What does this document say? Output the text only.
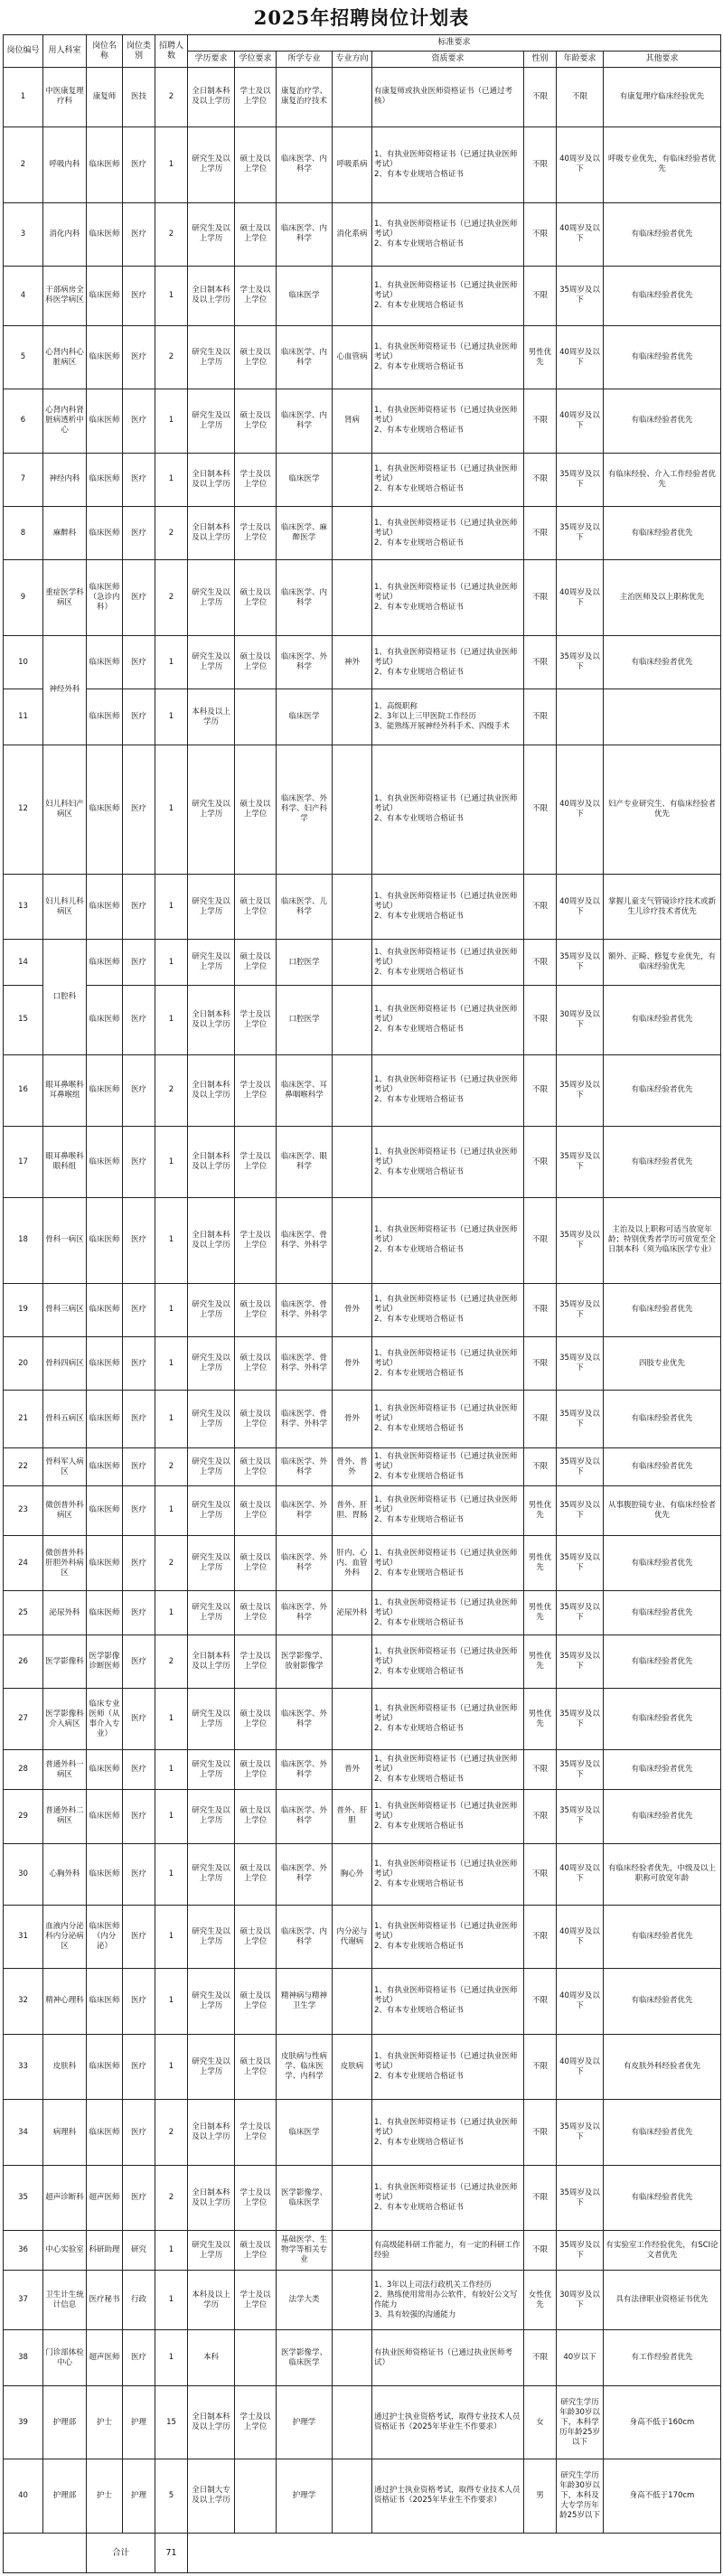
2025年招聘岗位计划表
岗位编号	用人科室	岗位名称	岗位类别	招聘人数	标准要求							
					学历要求	学位要求	所学专业	专业方向	资质要求	性别	年龄要求	其他要求
1	中医康复理疗科	康复师	医技	2	全日制本科及以上学历	学士及以上学位	康复治疗学、康复治疗技术		有康复师或执业医师资格证书（已通过考核）	不限	不限	有康复理疗临床经验优先
2	呼吸内科	临床医师	医疗	1	研究生及以上学历	硕士及以上学位	临床医学、内科学	呼吸系病	1、有执业医师资格证书（已通过执业医师考试）
2、有本专业规培合格证书	不限	40周岁及以下	呼吸专业优先，有临床经验者优先
3	消化内科	临床医师	医疗	2	研究生及以上学历	硕士及以上学位	临床医学、内科学	消化系病	1、有执业医师资格证书（已通过执业医师考试）
2、有本专业规培合格证书	不限	40周岁及以下	有临床经验者优先
4	干部病房全科医学病区	临床医师	医疗	1	全日制本科及以上学历	学士及以上学位	临床医学		1、有执业医师资格证书（已通过执业医师考试）
2、有本专业规培合格证书	不限	35周岁及以下	有临床经验者优先
5	心肾内科心脏病区	临床医师	医疗	2	研究生及以上学历	硕士及以上学位	临床医学、内科学	心血管病	1、有执业医师资格证书（已通过执业医师考试）
2、有本专业规培合格证书	男性优先	40周岁及以下	有临床经验者优先
6	心肾内科肾脏病透析中心	临床医师	医疗	1	研究生及以上学历	硕士及以上学位	临床医学、内科学	肾病	1、有执业医师资格证书（已通过执业医师考试）
2、有本专业规培合格证书	不限	40周岁及以下	有临床经验者优先
7	神经内科	临床医师	医疗	1	全日制本科及以上学历	学士及以上学位	临床医学		1、有执业医师资格证书（已通过执业医师考试）
2、有本专业规培合格证书	不限	35周岁及以下	有临床经验、介入工作经验者优先
8	麻醉科	临床医师	医疗	2	全日制本科及以上学历	学士及以上学位	临床医学、麻醉医学		1、有执业医师资格证书（已通过执业医师考试）
2、有本专业规培合格证书	不限	35周岁及以下	有临床经验者优先
9	重症医学科病区	临床医师（急诊内科）	医疗	2	研究生及以上学历	硕士及以上学位	临床医学、内科学		1、有执业医师资格证书（已通过执业医师考试）
2、有本专业规培合格证书	不限	40周岁及以下	主治医师及以上职称优先
10	神经外科	临床医师	医疗	1	研究生及以上学历	硕士及以上学位	临床医学、外科学	神外	1、有执业医师资格证书（已通过执业医师考试）
2、有本专业规培合格证书	不限	35周岁及以下	有临床经验者优先
11		临床医师	医疗	1	本科及以上学历		临床医学		1、高级职称
2、3年以上三甲医院工作经历
3、能熟练开展神经外科手术、四级手术	不限		
12	妇儿科妇产病区	临床医师	医疗	1	研究生及以上学历	硕士及以上学位	临床医学、外科学、妇产科学		1、有执业医师资格证书（已通过执业医师考试）
2、有本专业规培合格证书	不限	40周岁及以下	妇产专业研究生、有临床经验者优先
13	妇儿科儿科病区	临床医师	医疗	1	研究生及以上学历	硕士及以上学位	临床医学、儿科学		1、有执业医师资格证书（已通过执业医师考试）
2、有本专业规培合格证书	不限	40周岁及以下	掌握儿童支气管镜诊疗技术或新生儿诊疗技术者优先
14	口腔科	临床医师	医疗	1	研究生及以上学历	硕士及以上学位	口腔医学		1、有执业医师资格证书（已通过执业医师考试）
2、有本专业规培合格证书	不限	35周岁及以下	额外、正畸、修复专业优先，有临床经验优先
15		临床医师	医疗	1	全日制本科及以上学历	学士及以上学位	口腔医学		1、有执业医师资格证书（已通过执业医师考试）
2、有本专业规培合格证书	不限	30周岁及以下	有临床经验者优先
16	眼耳鼻喉科耳鼻喉组	临床医师	医疗	2	全日制本科及以上学历	学士及以上学位	临床医学、耳鼻咽喉科学		1、有执业医师资格证书（已通过执业医师考试）
2、有本专业规培合格证书	不限	35周岁及以下	有临床经验者优先
17	眼耳鼻喉科眼科组	临床医师	医疗	1	全日制本科及以上学历	学士及以上学位	临床医学、眼科学		1、有执业医师资格证书（已通过执业医师考试）
2、有本专业规培合格证书	不限	35周岁及以下	有临床经验者优先
18	骨科一病区	临床医师	医疗	1	全日制本科及以上学历	学士及以上学位	临床医学、骨科学、外科学		1、有执业医师资格证书（已通过执业医师考试）
2、有本专业规培合格证书	不限	35周岁及以下	主治及以上职称可适当放宽年龄；特别优秀者学历可放宽至全日制本科（须为临床医学专业）
19	骨科三病区	临床医师	医疗	1	研究生及以上学历	硕士及以上学位	临床医学、骨科学、外科学	骨外	1、有执业医师资格证书（已通过执业医师考试）
2、有本专业规培合格证书	不限	35周岁及以下	有临床经验者优先
20	骨科四病区	临床医师	医疗	1	研究生及以上学历	硕士及以上学位	临床医学、骨科学、外科学	骨外	1、有执业医师资格证书（已通过执业医师考试）
2、有本专业规培合格证书	不限	35周岁及以下	四肢专业优先
21	骨科五病区	临床医师	医疗	1	研究生及以上学历	硕士及以上学位	临床医学、骨科学、外科学	骨外	1、有执业医师资格证书（已通过执业医师考试）
2、有本专业规培合格证书	不限	35周岁及以下	有临床经验者优先
22	骨科军人病区	临床医师	医疗	2	研究生及以上学历	硕士及以上学位	临床医学、外科学	骨外、普外	1、有执业医师资格证书（已通过执业医师考试）
2、有本专业规培合格证书	不限	35周岁及以下	有临床经验者优先
23	微创普外科病区	临床医师	医疗	1	研究生及以上学历	硕士及以上学位	临床医学、外科学	普外、肝胆、胃肠	1、有执业医师资格证书（已通过执业医师考试）
2、有本专业规培合格证书	男性优先	35周岁及以下	从事腹腔镜专业、有临床经验者优先
24	微创普外科肝胆外科病区	临床医师	医疗	2	研究生及以上学历	硕士及以上学位	临床医学、外科学	肝内、心内、血管外科	1、有执业医师资格证书（已通过执业医师考试）
2、有本专业规培合格证书	男性优先	35周岁及以下	有临床经验者优先
25	泌尿外科	临床医师	医疗	1	研究生及以上学历	硕士及以上学位	临床医学、外科学	泌尿外科	1、有执业医师资格证书（已通过执业医师考试）
2、有本专业规培合格证书	男性优先	35周岁及以下	有临床经验者优先
26	医学影像科	医学影像诊断医师	医疗	2	全日制本科及以上学历	学士及以上学位	医学影像学、放射影像学		1、有执业医师资格证书（已通过执业医师考试）
2、有本专业规培合格证书	男性优先	35周岁及以下	有临床经验者优先
27	医学影像科介入病区	临床专业医师（从事介入专业）	医疗	1	研究生及以上学历	硕士及以上学位	临床医学、外科学		1、有执业医师资格证书（已通过执业医师考试）
2、有本专业规培合格证书	男性优先	35周岁及以下	有临床经验者优先
28	普通外科一病区	临床医师	医疗	1	研究生及以上学历	硕士及以上学位	临床医学、外科学	普外	1、有执业医师资格证书（已通过执业医师考试）
2、有本专业规培合格证书	不限	35周岁及以下	有临床经验者优先
29	普通外科二病区	临床医师	医疗	1	研究生及以上学历	硕士及以上学位	临床医学、外科学	普外、肝胆	1、有执业医师资格证书（已通过执业医师考试）
2、有本专业规培合格证书	不限	35周岁及以下	有临床经验者优先
30	心胸外科	临床医师	医疗	1	研究生及以上学历	硕士及以上学位	临床医学、外科学	胸心外	1、有执业医师资格证书（已通过执业医师考试）
2、有本专业规培合格证书	不限	40周岁及以下	有临床经验者优先，中级及以上职称可放宽年龄
31	血液内分泌科内分泌病区	临床医师（内分泌）	医疗	1	研究生及以上学历	硕士及以上学位	临床医学、内科学	内分泌与代谢病	1、有执业医师资格证书（已通过执业医师考试）
2、有本专业规培合格证书	不限	40周岁及以下	有临床经验者优先
32	精神心理科	临床医师	医疗	1	研究生及以上学历	硕士及以上学位	精神病与精神卫生学		1、有执业医师资格证书（已通过执业医师考试）
2、有本专业规培合格证书	不限	40周岁及以下	有临床经验者优先
33	皮肤科	临床医师	医疗	1	研究生及以上学历	硕士及以上学位	皮肤病与性病学、临床医学、内科学	皮肤病	1、有执业医师资格证书（已通过执业医师考试）
2、有本专业规培合格证书	不限	40周岁及以下	有皮肤外科经验者优先
34	病理科	临床医师	医疗	2	全日制本科及以上学历	学士及以上学位	临床医学		1、有执业医师资格证书（已通过执业医师考试）
2、有本专业规培合格证书	不限	35周岁及以下	有临床经验者优先
35	超声诊断科	超声医师	医疗	2	全日制本科及以上学历	学士及以上学位	医学影像学、临床医学		1、有执业医师资格证书（已通过执业医师考试）
2、有本专业规培合格证书	不限	35周岁及以下	有临床经验者优先
36	中心实验室	科研助理	研究	1	研究生及以上学历	硕士及以上学位	基础医学、生物学等相关专业		有高级能科研工作能力，有一定的科研工作经验	不限	35周岁及以下	有实验室工作经验优先，有SCI论文者优先
37	卫生计生统计信息	医疗秘书	行政	1	本科及以上学历	学士及以上学位	法学大类		1、3年以上司法行政机关工作经历
2、熟练使用常用办公软件，有较好公文写作能力
3、具有较强的沟通能力	女性优先	30周岁及以下	具有法律职业资格证书优先
38	门诊部体检中心	超声医师	医疗	1	本科		医学影像学、临床医学		有执业医师资格证书（已通过执业医师考试）	不限	40岁以下	有工作经验者优先
39	护理部	护士	护理	15	全日制本科及以上学历	学士及以上学位	护理学		通过护士执业资格考试，取得专业技术人员资格证书（2025年毕业生不作要求）	女	研究生学历年龄30岁以下，本科学历年龄25岁以下	身高不低于160cm
40	护理部	护士	护理	5	全日制大专及以上学历		护理学		通过护士执业资格考试，取得专业技术人员资格证书（2025年毕业生不作要求）	男	研究生学历年龄30岁以下，本科及大专学历年龄25岁以下	身高不低于170cm
		合计		71								
